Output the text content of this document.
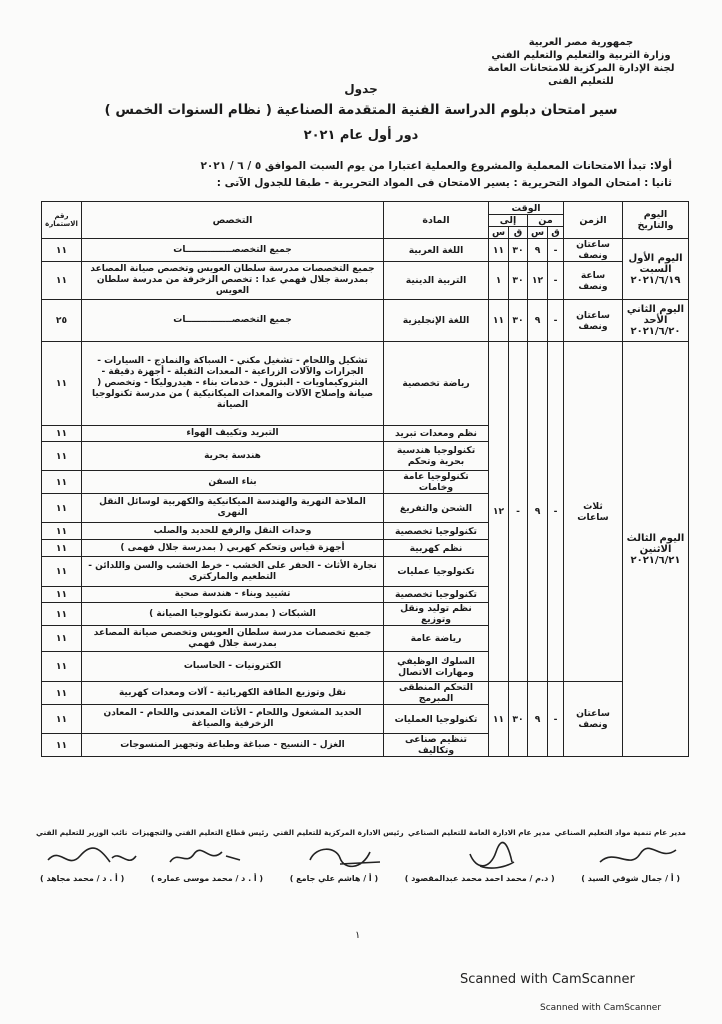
جمهورية مصر العربية
وزارة التربية والتعليم والتعليم الفني
لجنة الإدارة المركزية للامتحانات العامة للتعليم الفنى
جدول
سير امتحان دبلوم الدراسة الفنية المتقدمة الصناعية ( نظام السنوات الخمس )
دور أول عام ٢٠٢١
أولا: تبدأ الامتحانات المعملية والمشروع والعملية اعتبارا من يوم السبت الموافق ٥ / ٦ / ٢٠٢١
ثانيا : امتحان المواد التحريرية : يسير الامتحان فى المواد التحريرية - طبقا للجدول الآتى :
اليوم والتاريخ	الزمن	الوقت				المادة	التخصص	رقم الاستمارة
		من		إلى				
		ق	س	ق	س			
اليوم الأول السبت ٢٠٢١/٦/١٩	ساعتان ونصف	-	٩	٣٠	١١	اللغة العربية	جميع التخصصـــــــــــــــات	١١
	ساعة ونصف	-	١٢	٣٠	١	التربية الدينية	جميع التخصصات مدرسة سلطان العويس وتخصص صيانة المصاعد بمدرسة جلال فهمي عدا : تخصص الزخرفة من مدرسة سلطان العويس	١١
اليوم الثاني الأحد ٢٠٢١/٦/٢٠	ساعتان ونصف	-	٩	٣٠	١١	اللغة الإنجليزية	جميع التخصصـــــــــــــــات	٢٥
اليوم الثالث الاثنين ٢٠٢١/٦/٢١	ثلاث ساعات	-	٩	-	١٢	رياضة تخصصية	تشكيل واللحام - تشغيل مكني - السباكة والنماذج - السيارات - الجرارات والآلات الزراعية - المعدات الثقيلة - أجهزة دقيقة - البتروكيماويات - البترول - خدمات بناء - هيدروليكا - وتخصص ( صيانة وإصلاح الآلات والمعدات الميكانيكية ) من مدرسة تكنولوجيا الصيانة	١١
						نظم ومعدات تبريد	التبريد وتكييف الهواء	١١
						تكنولوجيا هندسية بحرية وتحكم	هندسة بحرية	١١
						تكنولوجيا عامة وخامات	بناء السفن	١١
						الشحن والتفريغ	الملاحة النهرية والهندسة الميكانيكية والكهربية لوسائل النقل النهرى	١١
						تكنولوجيا تخصصية	وحدات النقل والرفع للحديد والصلب	١١
						نظم كهربية	أجهزة قياس وتحكم كهربي ( بمدرسة جلال فهمى )	١١
						تكنولوجيا عمليات	نجارة الأثاث - الحفر على الخشب - خرط الخشب والسن واللدائن - التطعيم والماركترى	١١
						تكنولوجيا تخصصية	تشييد وبناء - هندسة صحية	١١
						نظم توليد ونقل وتوزيع	الشبكات ( بمدرسة تكنولوجيا الصيانة )	١١
						رياضة عامة	جميع تخصصات مدرسة سلطان العويس وتخصص صيانة المصاعد بمدرسة جلال فهمي	١١
						السلوك الوظيفي ومهارات الاتصال	الكترونيات - الحاسبات	١١
	ساعتان ونصف	-	٩	٣٠	١١	التحكم المنطقى المبرمج	نقل وتوزيع الطاقة الكهربائية - آلات ومعدات كهربية	١١
						تكنولوجيا العمليات	الحديد المشغول واللحام - الأثاث المعدنى واللحام - المعادن الزخرفية والصياغة	١١
						تنظيم صناعى وتكاليف	الغزل - النسيج - صباغة وطباعة وتجهيز المنسوجات	١١
مدير عام تنمية مواد التعليم الصناعي
مدير عام الادارة العامة للتعليم الصناعي
رئيس الادارة المركزية للتعليم الفني
رئيس قطاع التعليم الفني والتجهيزات
نائب الوزير للتعليم الفني
( أ / جمال شوقي السيد )
( د.م / محمد احمد محمد عبدالمقصود )
( أ / هاشم علي جامع )
( أ . د / محمد موسى عماره )
( أ . د / محمد مجاهد )
١
Scanned with CamScanner
Scanned with CamScanner
